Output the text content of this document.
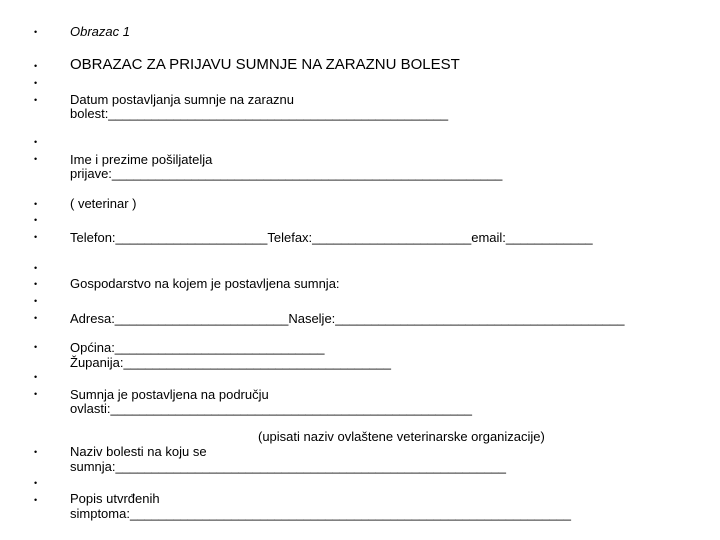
•
•
•
•
•
•
•
•
•
•
•
•
•
•
•
•
•
•
•
Obrazac 1
OBRAZAC ZA PRIJAVU SUMNJE NA ZARAZNU BOLEST
Datum postavljanja sumnje na zaraznu
bolest:_______________________________________________
Ime i prezime pošiljatelja
prijave:______________________________________________________
( veterinar )
Telefon:_____________________Telefax:______________________email:____________
Gospodarstvo na kojem je postavljena sumnja:
Adresa:________________________Naselje:________________________________________
Općina:_____________________________
Županija:_____________________________________
Sumnja je postavljena na području
ovlasti:__________________________________________________
(upisati naziv ovlaštene veterinarske organizacije)
Naziv bolesti na koju se
sumnja:______________________________________________________
Popis utvrđenih
simptoma:_____________________________________________________________
